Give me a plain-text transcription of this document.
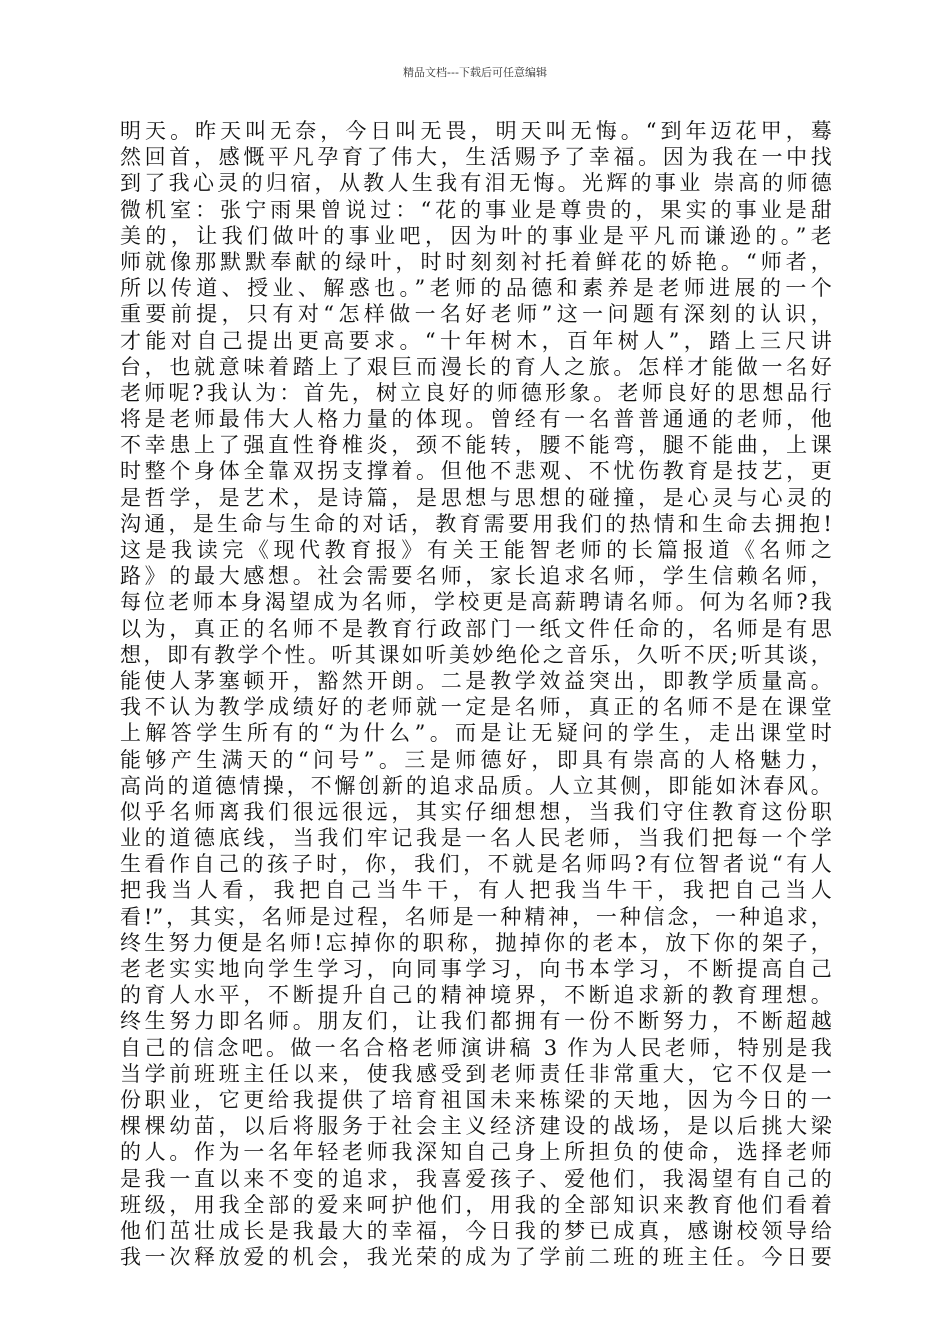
精品文档---下载后可任意编辑
明天。昨天叫无奈，今日叫无畏，明天叫无悔。“到年迈花甲，蓦
然回首，感慨平凡孕育了伟大，生活赐予了幸福。因为我在一中找
到了我心灵的归宿，从教人生我有泪无悔。光辉的事业 崇高的师德
微机室：张宁雨果曾说过：“花的事业是尊贵的，果实的事业是甜
美的，让我们做叶的事业吧，因为叶的事业是平凡而谦逊的。”老
师就像那默默奉献的绿叶，时时刻刻衬托着鲜花的娇艳。“师者，
所以传道、授业、解惑也。”老师的品德和素养是老师进展的一个
重要前提，只有对“怎样做一名好老师”这一问题有深刻的认识，
才能对自己提出更高要求。“十年树木，百年树人”，踏上三尺讲
台，也就意味着踏上了艰巨而漫长的育人之旅。怎样才能做一名好
老师呢?我认为：首先，树立良好的师德形象。老师良好的思想品行
将是老师最伟大人格力量的体现。曾经有一名普普通通的老师，他
不幸患上了强直性脊椎炎，颈不能转，腰不能弯，腿不能曲，上课
时整个身体全靠双拐支撑着。但他不悲观、不忧伤教育是技艺，更
是哲学，是艺术，是诗篇，是思想与思想的碰撞，是心灵与心灵的
沟通，是生命与生命的对话，教育需要用我们的热情和生命去拥抱!
这是我读完《现代教育报》有关王能智老师的长篇报道《名师之
路》的最大感想。社会需要名师，家长追求名师，学生信赖名师，
每位老师本身渴望成为名师，学校更是高薪聘请名师。何为名师?我
以为，真正的名师不是教育行政部门一纸文件任命的，名师是有思
想，即有教学个性。听其课如听美妙绝伦之音乐，久听不厌;听其谈，
能使人茅塞顿开，豁然开朗。二是教学效益突出，即教学质量高。
我不认为教学成绩好的老师就一定是名师，真正的名师不是在课堂
上解答学生所有的“为什么”。而是让无疑问的学生，走出课堂时
能够产生满天的“问号”。三是师德好，即具有崇高的人格魅力，
高尚的道德情操，不懈创新的追求品质。人立其侧，即能如沐春风。
似乎名师离我们很远很远，其实仔细想想，当我们守住教育这份职
业的道德底线，当我们牢记我是一名人民老师，当我们把每一个学
生看作自己的孩子时，你，我们，不就是名师吗?有位智者说“有人
把我当人看，我把自己当牛干，有人把我当牛干，我把自己当人
看!”，其实，名师是过程，名师是一种精神，一种信念，一种追求，
终生努力便是名师!忘掉你的职称，抛掉你的老本，放下你的架子，
老老实实地向学生学习，向同事学习，向书本学习，不断提高自己
的育人水平，不断提升自己的精神境界，不断追求新的教育理想。
终生努力即名师。朋友们，让我们都拥有一份不断努力，不断超越
自己的信念吧。做一名合格老师演讲稿 3 作为人民老师，特别是我
当学前班班主任以来，使我感受到老师责任非常重大，它不仅是一
份职业，它更给我提供了培育祖国未来栋梁的天地，因为今日的一
棵棵幼苗，以后将服务于社会主义经济建设的战场，是以后挑大梁
的人。作为一名年轻老师我深知自己身上所担负的使命，选择老师
是我一直以来不变的追求，我喜爱孩子、爱他们，我渴望有自己的
班级，用我全部的爱来呵护他们，用我的全部知识来教育他们看着
他们茁壮成长是我最大的幸福，今日我的梦已成真，感谢校领导给
我一次释放爱的机会，我光荣的成为了学前二班的班主任。今日要
